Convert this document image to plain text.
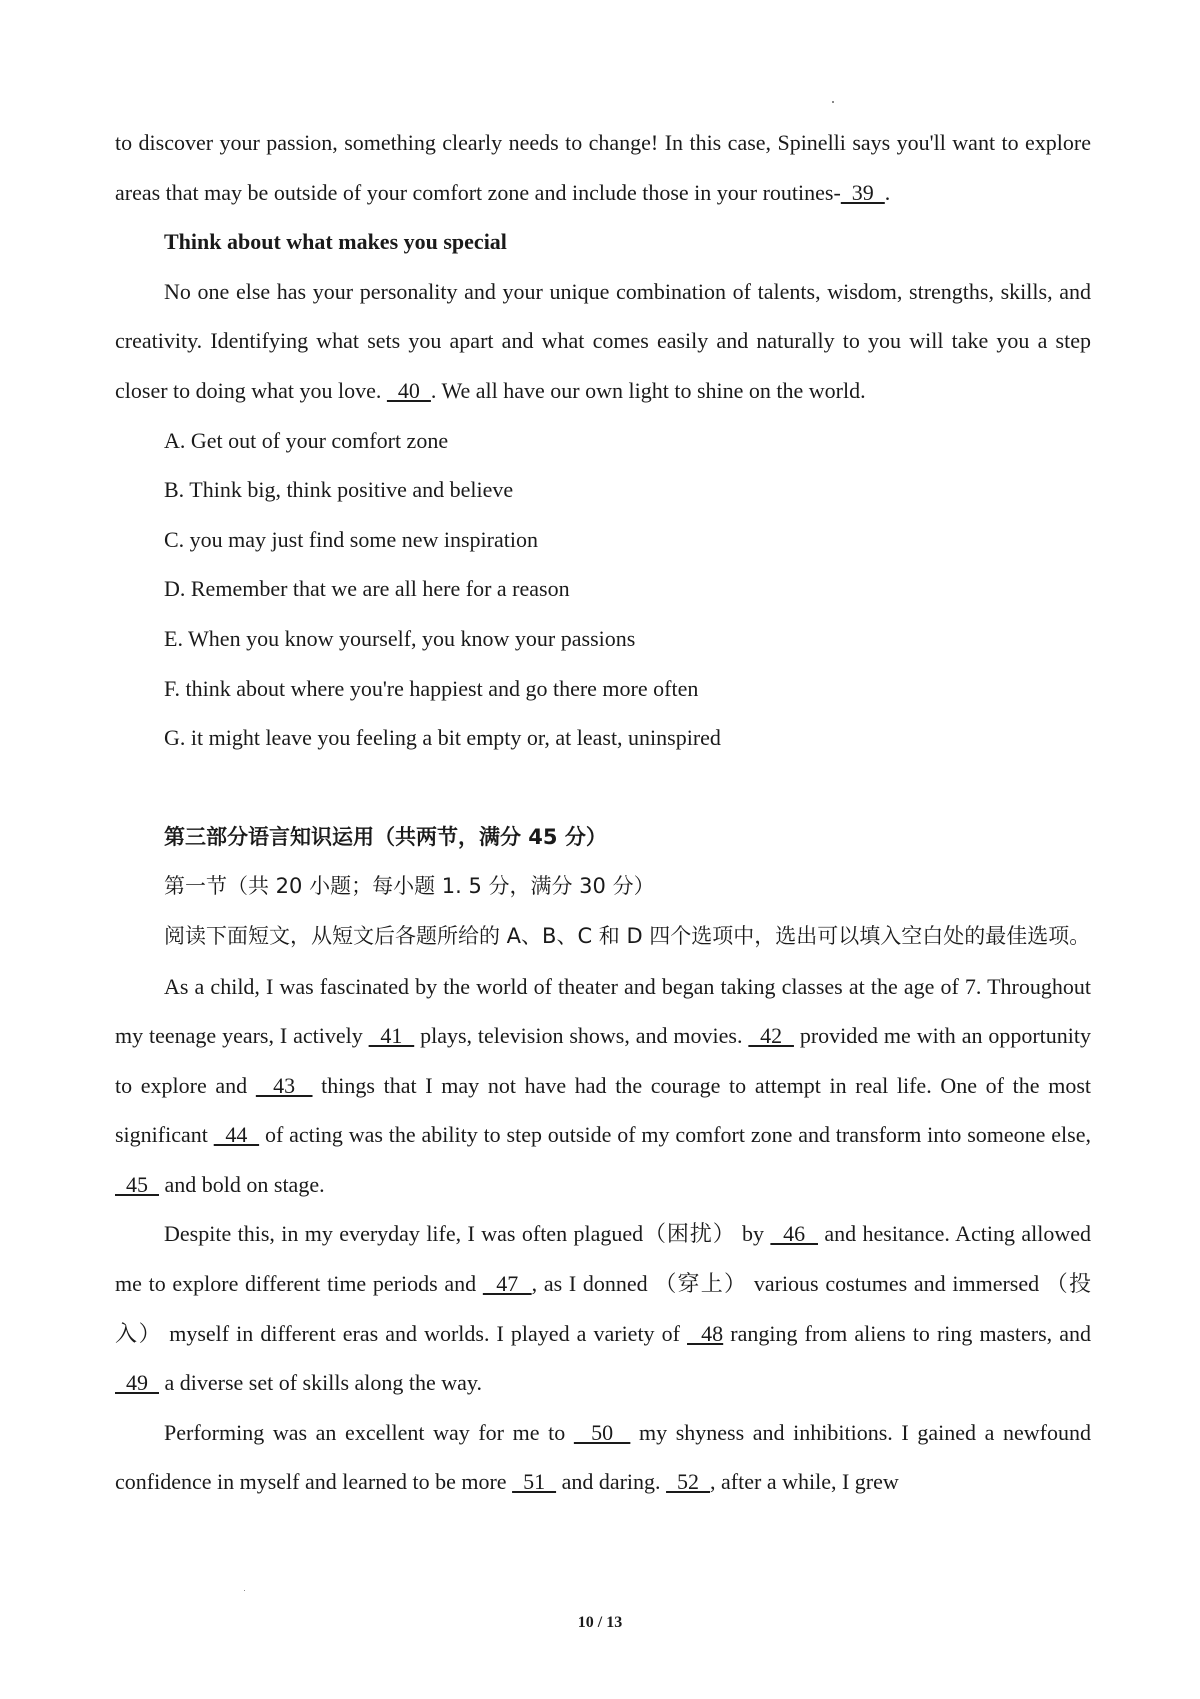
to discover your passion, something clearly needs to change! In this case, Spinelli says you'll want to explore areas that may be outside of your comfort zone and include those in your routines-  39  .

Think about what makes you special

No one else has your personality and your unique combination of talents, wisdom, strengths, skills, and creativity. Identifying what sets you apart and what comes easily and naturally to you will take you a step closer to doing what you love.   40  . We all have our own light to shine on the world.

A. Get out of your comfort zone

B. Think big, think positive and believe

C. you may just find some new inspiration

D. Remember that we are all here for a reason

E. When you know yourself, you know your passions

F. think about where you're happiest and go there more often

G. it might leave you feeling a bit empty or, at least, uninspired

第三部分语言知识运用（共两节，满分 45 分）

第一节（共 20 小题；每小题 1. 5 分，满分 30 分）

阅读下面短文，从短文后各题所给的 A、B、C 和 D 四个选项中，选出可以填入空白处的最佳选项。

As a child, I was fascinated by the world of theater and began taking classes at the age of 7. Throughout my teenage years, I actively   41   plays, television shows, and movies.   42   provided me with an opportunity to explore and   43   things that I may not have had the courage to attempt in real life. One of the most significant   44   of acting was the ability to step outside of my comfort zone and transform into someone else,   45   and bold on stage.

Despite this, in my everyday life, I was often plagued（困扰） by   46   and hesitance. Acting allowed me to explore different time periods and   47  , as I donned （穿上） various costumes and immersed （投入） myself in different eras and worlds. I played a variety of   48 ranging from aliens to ring masters, and   49   a diverse set of skills along the way.

Performing was an excellent way for me to   50   my shyness and inhibitions. I gained a newfound confidence in myself and learned to be more   51   and daring.   52  , after a while, I grew

10 / 13
